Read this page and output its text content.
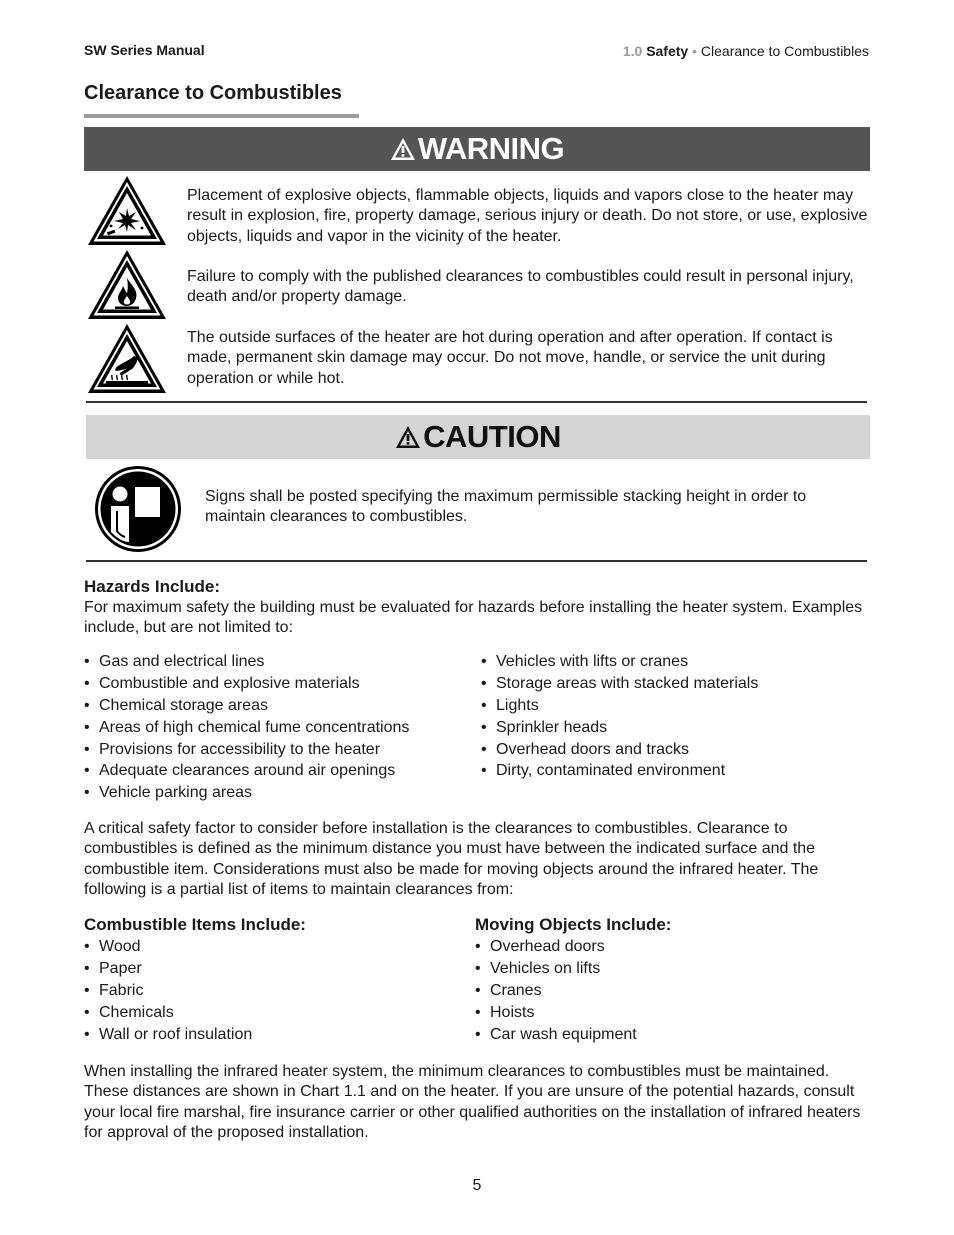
SW Series Manual	1.0 Safety • Clearance to Combustibles
Clearance to Combustibles
WARNING
Placement of explosive objects, flammable objects, liquids and vapors close to the heater may result in explosion, fire, property damage, serious injury or death. Do not store, or use, explosive objects, liquids and vapor in the vicinity of the heater.
Failure to comply with the published clearances to combustibles could result in personal injury, death and/or property damage.
The outside surfaces of the heater are hot during operation and after operation. If contact is made, permanent skin damage may occur. Do not move, handle, or service the unit during operation or while hot.
CAUTION
Signs shall be posted specifying the maximum permissible stacking height in order to maintain clearances to combustibles.
Hazards Include:
For maximum safety the building must be evaluated for hazards before installing the heater system. Examples include, but are not limited to:
• Gas and electrical lines
• Combustible and explosive materials
• Chemical storage areas
• Areas of high chemical fume concentrations
• Provisions for accessibility to the heater
• Adequate clearances around air openings
• Vehicle parking areas
• Vehicles with lifts or cranes
• Storage areas with stacked materials
• Lights
• Sprinkler heads
• Overhead doors and tracks
• Dirty, contaminated environment
A critical safety factor to consider before installation is the clearances to combustibles. Clearance to combustibles is defined as the minimum distance you must have between the indicated surface and the combustible item. Considerations must also be made for moving objects around the infrared heater. The following is a partial list of items to maintain clearances from:
Combustible Items Include:	Moving Objects Include:
• Wood
• Paper
• Fabric
• Chemicals
• Wall or roof insulation
• Overhead doors
• Vehicles on lifts
• Cranes
• Hoists
• Car wash equipment
When installing the infrared heater system, the minimum clearances to combustibles must be maintained. These distances are shown in Chart 1.1 and on the heater. If you are unsure of the potential hazards, consult your local fire marshal, fire insurance carrier or other qualified authorities on the installation of infrared heaters for approval of the proposed installation.
5
